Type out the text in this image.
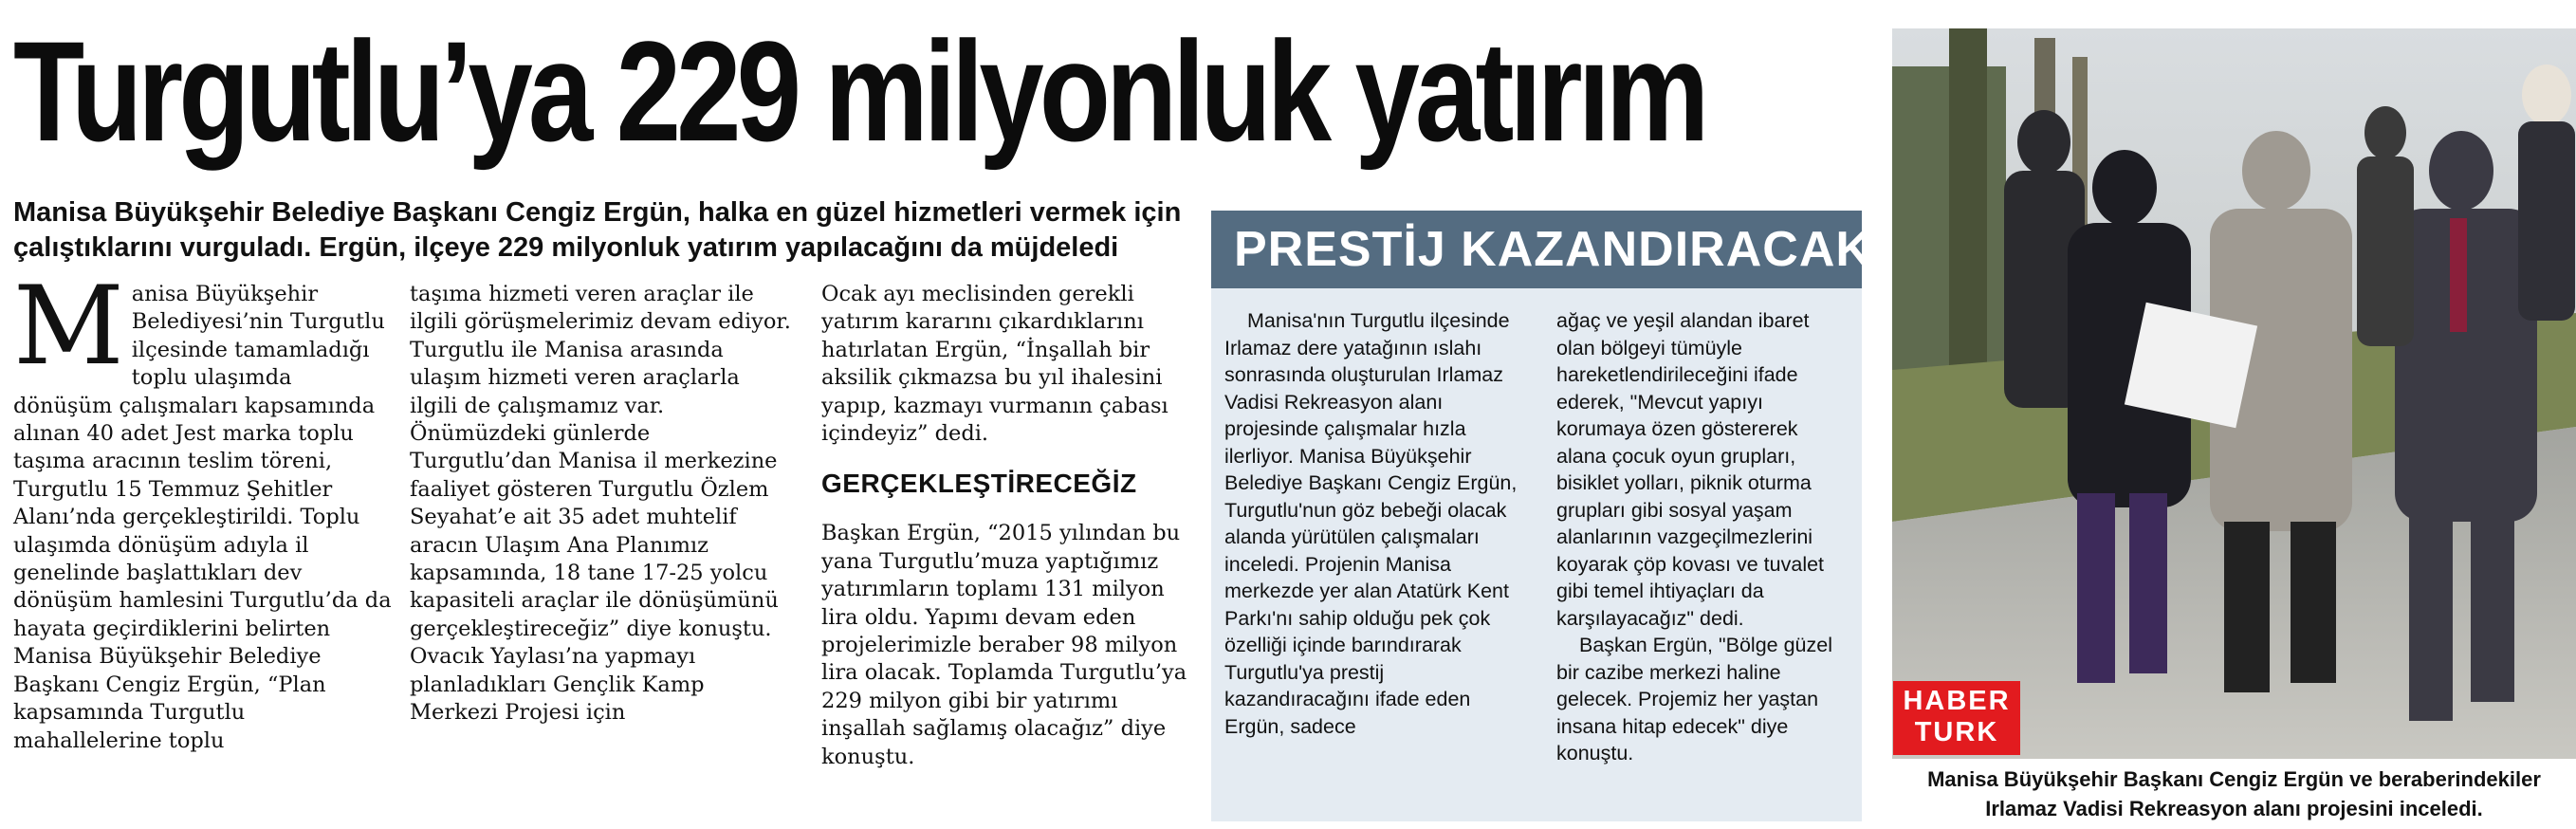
Turgutlu’ya 229 milyonluk yatırım
Manisa Büyükşehir Belediye Başkanı Cengiz Ergün, halka en güzel hizmetleri vermek için çalıştıklarını vurguladı. Ergün, ilçeye 229 milyonluk yatırım yapılacağını da müjdeledi
M anisa Büyükşehir Belediyesi’nin Turgutlu ilçesinde tamamladığı toplu ulaşımda dönüşüm çalışmaları kapsamında alınan 40 adet Jest marka toplu taşıma aracının teslim töreni, Turgutlu 15 Temmuz Şehitler Alanı’nda gerçekleştirildi. Toplu ulaşımda dönüşüm adıyla il genelinde başlattıkları dev dönüşüm hamlesini Turgutlu’da da hayata geçirdiklerini belirten Manisa Büyükşehir Belediye Başkanı Cengiz Ergün, “Plan kapsamında Turgutlu mahallelerine toplu

taşıma hizmeti veren araçlar ile ilgili görüşmelerimiz devam ediyor. Turgutlu ile Manisa arasında ulaşım hizmeti veren araçlarla ilgili de çalışmamız var. Önümüzdeki günlerde Turgutlu’dan Manisa il merkezine faaliyet gösteren Turgutlu Özlem Seyahat’e ait 35 adet muhtelif aracın Ulaşım Ana Planımız kapsamında, 18 tane 17-25 yolcu kapasiteli araçlar ile dönüşümünü gerçekleştireceğiz” diye konuştu.

Ovacık Yaylası’na yapmayı planladıkları Gençlik Kamp Merkezi Projesi için

Ocak ayı meclisinden gerekli yatırım kararını çıkardıklarını hatırlatan Ergün, “İnşallah bir aksilik çıkmazsa bu yıl ihalesini yapıp, kazmayı vurmanın çabası içindeyiz” dedi.

GERÇEKLEŞTİRECEĞİZ

Başkan Ergün, “2015 yılından bu yana Turgutlu’muza yaptığımız yatırımların toplamı 131 milyon lira oldu. Yapımı devam eden projelerimizle beraber 98 milyon lira olacak. Toplamda Turgutlu’ya 229 milyon gibi bir yatırımı inşallah sağlamış olacağız” diye konuştu.

PRESTİJ KAZANDIRACAK

Manisa'nın Turgutlu ilçesinde Irlamaz dere yatağının ıslahı sonrasında oluşturulan Irlamaz Vadisi Rekreasyon alanı projesinde çalışmalar hızla ilerliyor. Manisa Büyükşehir Belediye Başkanı Cengiz Ergün, Turgutlu'nun göz bebeği olacak alanda yürütülen çalışmaları inceledi. Projenin Manisa merkezde yer alan Atatürk Kent Parkı'nı sahip olduğu pek çok özelliği içinde barındırarak Turgutlu'ya prestij kazandıracağını ifade eden Ergün, sadece

ağaç ve yeşil alandan ibaret olan bölgeyi tümüyle hareketlendirileceğini ifade ederek, "Mevcut yapıyı korumaya özen göstererek alana çocuk oyun grupları, bisiklet yolları, piknik oturma grupları gibi sosyal yaşam alanlarının vazgeçilmezlerini koyarak çöp kovası ve tuvalet gibi temel ihtiyaçları da karşılayacağız" dedi.

Başkan Ergün, "Bölge güzel bir cazibe merkezi haline gelecek. Projemiz her yaştan insana hitap edecek" diye konuştu.

HABER
TURK
Manisa Büyükşehir Başkanı Cengiz Ergün ve beraberindekiler Irlamaz Vadisi Rekreasyon alanı projesini inceledi.
